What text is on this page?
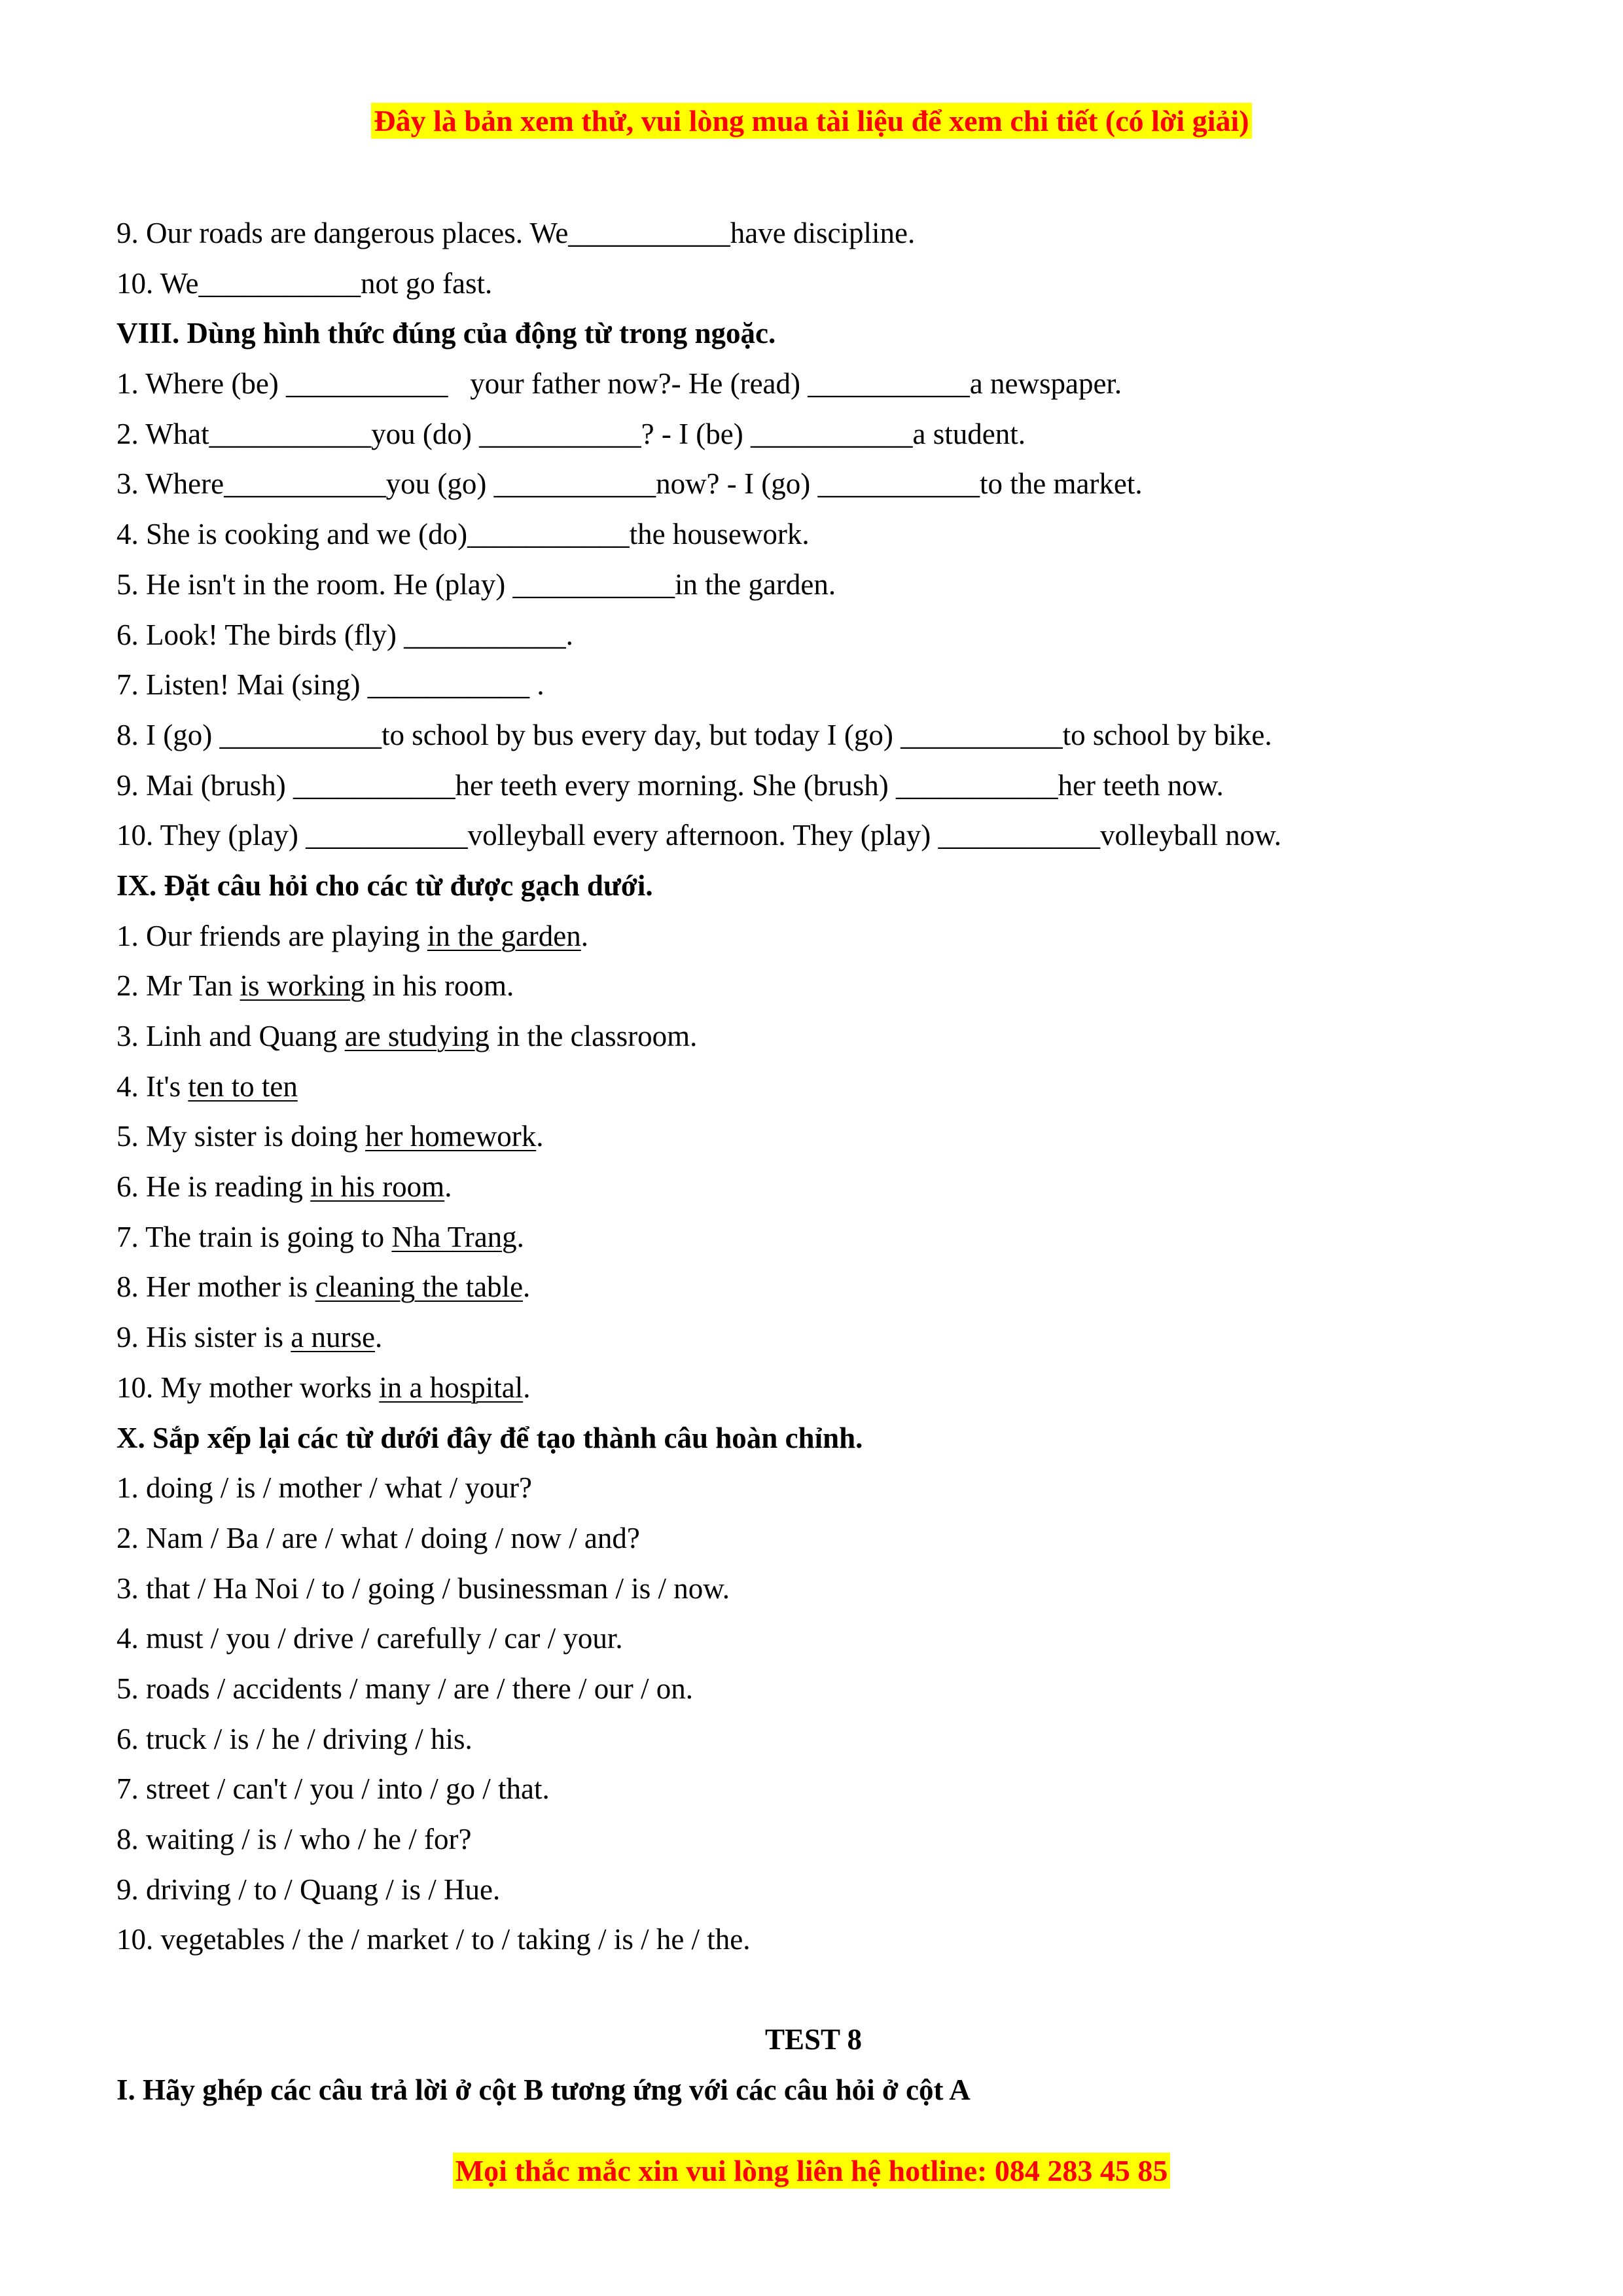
Đây là bản xem thử, vui lòng mua tài liệu để xem chi tiết (có lời giải)
9. Our roads are dangerous places. We___________have discipline.
10. We___________not go fast.
VIII. Dùng hình thức đúng của động từ trong ngoặc.
1. Where (be) ___________   your father now?- He (read) ___________a newspaper.
2. What___________you (do) ___________? - I (be) ___________a student.
3. Where___________you (go) ___________now? - I (go) ___________to the market.
4. She is cooking and we (do)___________the housework.
5. He isn't in the room. He (play) ___________in the garden.
6. Look! The birds (fly) ___________.
7. Listen! Mai (sing) ___________ .
8. I (go) ___________to school by bus every day, but today I (go) ___________to school by bike.
9. Mai (brush) ___________her teeth every morning. She (brush) ___________her teeth now.
10. They (play) ___________volleyball every afternoon. They (play) ___________volleyball now.
IX. Đặt câu hỏi cho các từ được gạch dưới.
1. Our friends are playing in the garden.
2. Mr Tan is working in his room.
3. Linh and Quang are studying in the classroom.
4. It's ten to ten
5. My sister is doing her homework.
6. He is reading in his room.
7. The train is going to Nha Trang.
8. Her mother is cleaning the table.
9. His sister is a nurse.
10. My mother works in a hospital.
X. Sắp xếp lại các từ dưới đây để tạo thành câu hoàn chỉnh.
1. doing / is / mother / what / your?
2. Nam / Ba / are / what / doing / now / and?
3. that / Ha Noi / to / going / businessman / is / now.
4. must / you / drive / carefully / car / your.
5. roads / accidents / many / are / there / our / on.
6. truck / is / he / driving / his.
7. street / can't / you / into / go / that.
8. waiting / is / who / he / for?
9. driving / to / Quang / is / Hue.
10. vegetables / the / market / to / taking / is / he / the.
TEST 8
I. Hãy ghép các câu trả lời ở cột B tương ứng với các câu hỏi ở cột A
Mọi thắc mắc xin vui lòng liên hệ hotline: 084 283 45 85
